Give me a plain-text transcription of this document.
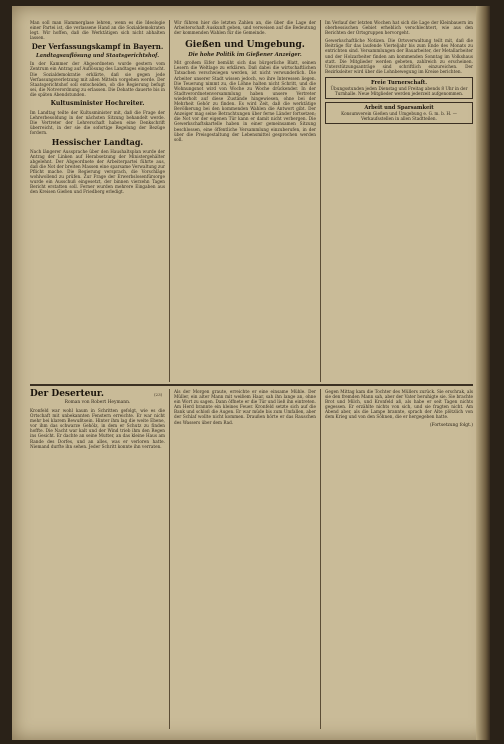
Man soll man Hammerglase lehren, wenn es die Ideologie einer Partei ist, die verlassene Hand an die Sozialdemokraten legt. Wir hoffen, daß die Werktätigen sich nicht abhalten lassen.

Der Verfassungskampf in Bayern.
Landtagsauflösung und Staatsgerichtshof.

In der Kammer der Abgeordneten wurde gestern vom Zentrum ein Antrag auf Auflösung des Landtages eingebracht. Die Sozialdemokratie erklärte, daß sie gegen jede Verfassungsverletzung mit allen Mitteln vorgehen werde. Der Staatsgerichtshof soll entscheiden, ob die Regierung befugt sei, die Notverordnung zu erlassen. Die Debatte dauerte bis in die späten Abendstunden.

Kultusminister Hochreiter.

Im Landtag teilte der Kultusminister mit, daß die Frage der Lehrerbesoldung in der nächsten Sitzung behandelt werde. Die Vertreter der Lehrerschaft haben eine Denkschrift überreicht, in der sie die sofortige Regelung der Bezüge fordern.

Hessischer Landtag.

Nach längerer Aussprache über den Haushaltsplan wurde der Antrag der Linken auf Herabsetzung der Ministergehälter abgelehnt. Der Abgeordnete der Arbeiterpartei führte aus, daß die Not der breiten Massen eine sparsame Verwaltung zur Pflicht mache. Die Regierung versprach, die Vorschläge wohlwollend zu prüfen. Zur Frage der Erwerbslosenfürsorge wurde ein Ausschuß eingesetzt, der binnen vierzehn Tagen Bericht erstatten soll. Ferner wurden mehrere Eingaben aus den Kreisen Gießen und Friedberg erledigt.

Wir führen hier die letzten Zahlen an, die über die Lage der Arbeiterschaft Auskunft geben, und verweisen auf die Bedeutung der kommenden Wahlen für die Gemeinde.

Gießen und Umgebung.
Die hohe Politik im Gießener Anzeiger.

Mit großem Eifer bemüht sich das bürgerliche Blatt, seinen Lesern die Weltlage zu erklären. Daß dabei die wirtschaftlichen Tatsachen verschwiegen werden, ist nicht verwunderlich. Die Arbeiter unserer Stadt wissen jedoch, wo ihre Interessen liegen. Die Teuerung nimmt zu, die Löhne halten nicht Schritt, und die Wohnungsnot wird von Woche zu Woche drückender. In der Stadtverordnetenversammlung haben unsere Vertreter wiederholt auf diese Zustände hingewiesen, ohne bei der Mehrheit Gehör zu finden. Es wird Zeit, daß die werktätige Bevölkerung bei den kommenden Wahlen die Antwort gibt. Der Anzeiger mag seine Betrachtungen über ferne Länder fortsetzen; die Not vor der eigenen Tür kann er damit nicht verbergen. Die Gewerkschaftskartelle haben in einer gemeinsamen Sitzung beschlossen, eine öffentliche Versammlung einzuberufen, in der über die Preisgestaltung der Lebensmittel gesprochen werden soll.

Im Verlauf der letzten Wochen hat sich die Lage der Kleinbauern im oberhessischen Gebiet erheblich verschlechtert, wie aus den Berichten der Ortsgruppen hervorgeht.

Gewerkschaftliche Notizen. Die Ortsverwaltung teilt mit, daß die Beiträge für das laufende Vierteljahr bis zum Ende des Monats zu entrichten sind. Versammlungen der Bauarbeiter, der Metallarbeiter und der Holzarbeiter finden am kommenden Sonntag im Volkshaus statt. Die Mitglieder werden gebeten, zahlreich zu erscheinen. Unterstützungsanträge sind schriftlich einzureichen. Der Bezirksleiter wird über die Lohnbewegung im Kreise berichten.

Freie Turnerschaft.
Übungsstunden jeden Dienstag und Freitag abends 8 Uhr in der Turnhalle. Neue Mitglieder werden jederzeit aufgenommen.
Arbeit und Sparsamkeit
Konsumverein Gießen und Umgebung e. G. m. b. H. — Verkaufsstellen in allen Stadtteilen.
Der Deserteur.
Roman von Robert Heymann.

Kronfeld war wohl kaum in Schritten gefolgt, wie es die Ortschaft mit unbekannten Fenstern erreichte. Er war nicht mehr bei klarem Bewußtsein. Hinter ihm lag die weite Ebene, vor ihm das schwarze Gehölz, in dem er Schutz zu finden hoffte. Die Nacht war kalt und der Wind trieb ihm den Regen ins Gesicht. Er dachte an seine Mutter, an das kleine Haus am Rande des Dorfes, und an alles, was er verloren hatte. Niemand durfte ihn sehen. Jeder Schritt konnte ihn verraten.

(23)

Als der Morgen graute, erreichte er eine einsame Mühle. Der Müller, ein alter Mann mit weißem Haar, sah ihn lange an, ohne ein Wort zu sagen. Dann öffnete er die Tür und ließ ihn eintreten. Am Herd brannte ein kleines Feuer. Kronfeld setzte sich auf die Bank und schloß die Augen. Er war müde bis zum Umfallen, aber der Schlaf wollte nicht kommen. Draußen hörte er das Rauschen des Wassers über dem Rad.

Gegen Mittag kam die Tochter des Müllers zurück. Sie erschrak, als sie den fremden Mann sah, aber der Vater beruhigte sie. Sie brachte Brot und Milch, und Kronfeld aß, als habe er seit Tagen nichts gegessen. Er erzählte nichts von sich, und sie fragten nicht. Am Abend aber, als die Lampe brannte, sprach der Alte plötzlich von dem Krieg und von den Söhnen, die er hergegeben hatte.

(Fortsetzung folgt.)
